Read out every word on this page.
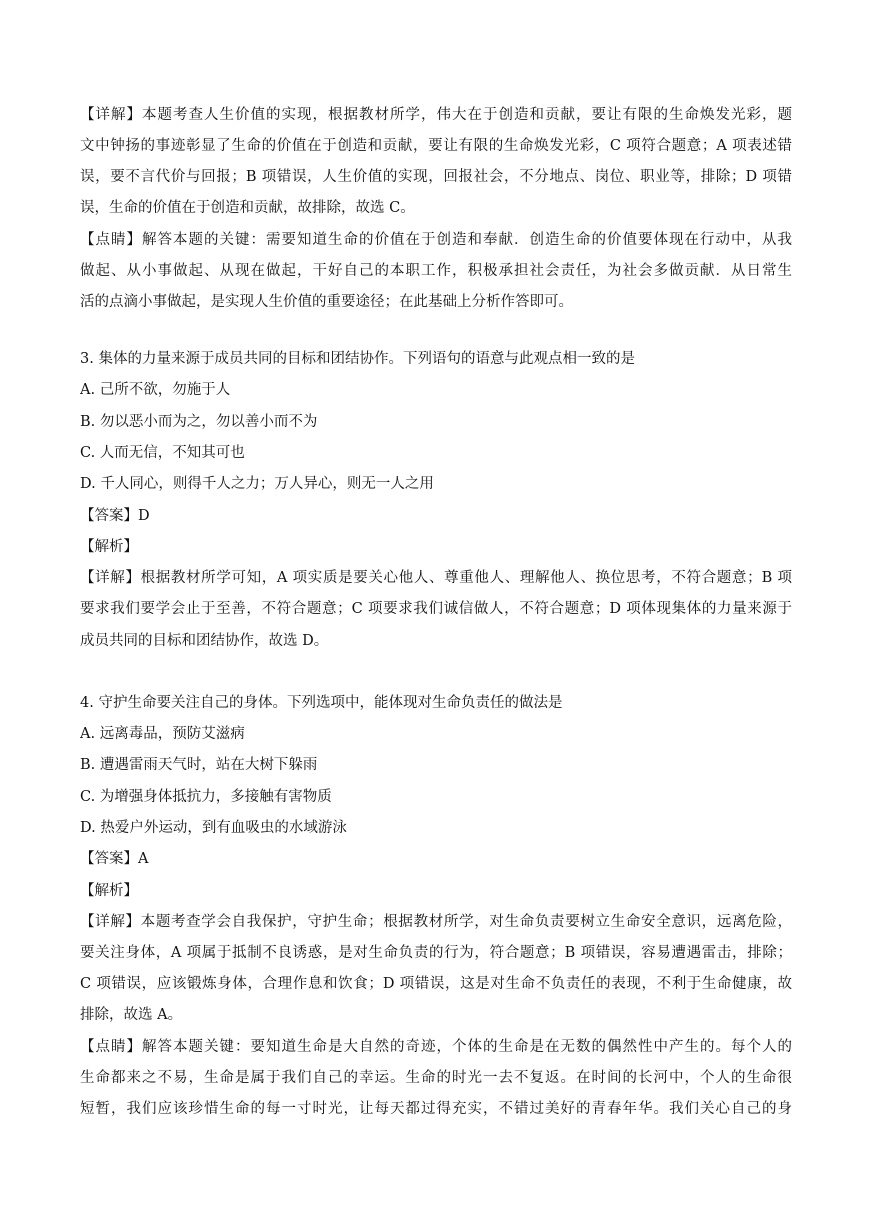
【详解】本题考查人生价值的实现，根据教材所学，伟大在于创造和贡献，要让有限的生命焕发光彩，题
文中钟扬的事迹彰显了生命的价值在于创造和贡献，要让有限的生命焕发光彩，C 项符合题意；A 项表述错
误，要不言代价与回报；B 项错误，人生价值的实现，回报社会，不分地点、岗位、职业等，排除；D 项错
误，生命的价值在于创造和贡献，故排除，故选 C。
【点睛】解答本题的关键：需要知道生命的价值在于创造和奉献．创造生命的价值要体现在行动中，从我
做起、从小事做起、从现在做起，干好自己的本职工作，积极承担社会责任，为社会多做贡献．从日常生
活的点滴小事做起，是实现人生价值的重要途径；在此基础上分析作答即可。
3. 集体的力量来源于成员共同的目标和团结协作。下列语句的语意与此观点相一致的是
A. 己所不欲，勿施于人
B. 勿以恶小而为之，勿以善小而不为
C. 人而无信，不知其可也
D. 千人同心，则得千人之力；万人异心，则无一人之用
【答案】D
【解析】
【详解】根据教材所学可知，A 项实质是要关心他人、尊重他人、理解他人、换位思考，不符合题意；B 项
要求我们要学会止于至善，不符合题意；C 项要求我们诚信做人，不符合题意；D 项体现集体的力量来源于
成员共同的目标和团结协作，故选 D。
4. 守护生命要关注自己的身体。下列选项中，能体现对生命负责任的做法是
A. 远离毒品，预防艾滋病
B. 遭遇雷雨天气时，站在大树下躲雨
C. 为增强身体抵抗力，多接触有害物质
D. 热爱户外运动，到有血吸虫的水域游泳
【答案】A
【解析】
【详解】本题考查学会自我保护，守护生命；根据教材所学，对生命负责要树立生命安全意识，远离危险，
要关注身体，A 项属于抵制不良诱惑，是对生命负责的行为，符合题意；B 项错误，容易遭遇雷击，排除；
C 项错误，应该锻炼身体，合理作息和饮食；D 项错误，这是对生命不负责任的表现，不利于生命健康，故
排除，故选 A。
【点睛】解答本题关键：要知道生命是大自然的奇迹，个体的生命是在无数的偶然性中产生的。每个人的
生命都来之不易，生命是属于我们自己的幸运。生命的时光一去不复返。在时间的长河中，个人的生命很
短暂，我们应该珍惜生命的每一寸时光，让每天都过得充实，不错过美好的青春年华。我们关心自己的身
